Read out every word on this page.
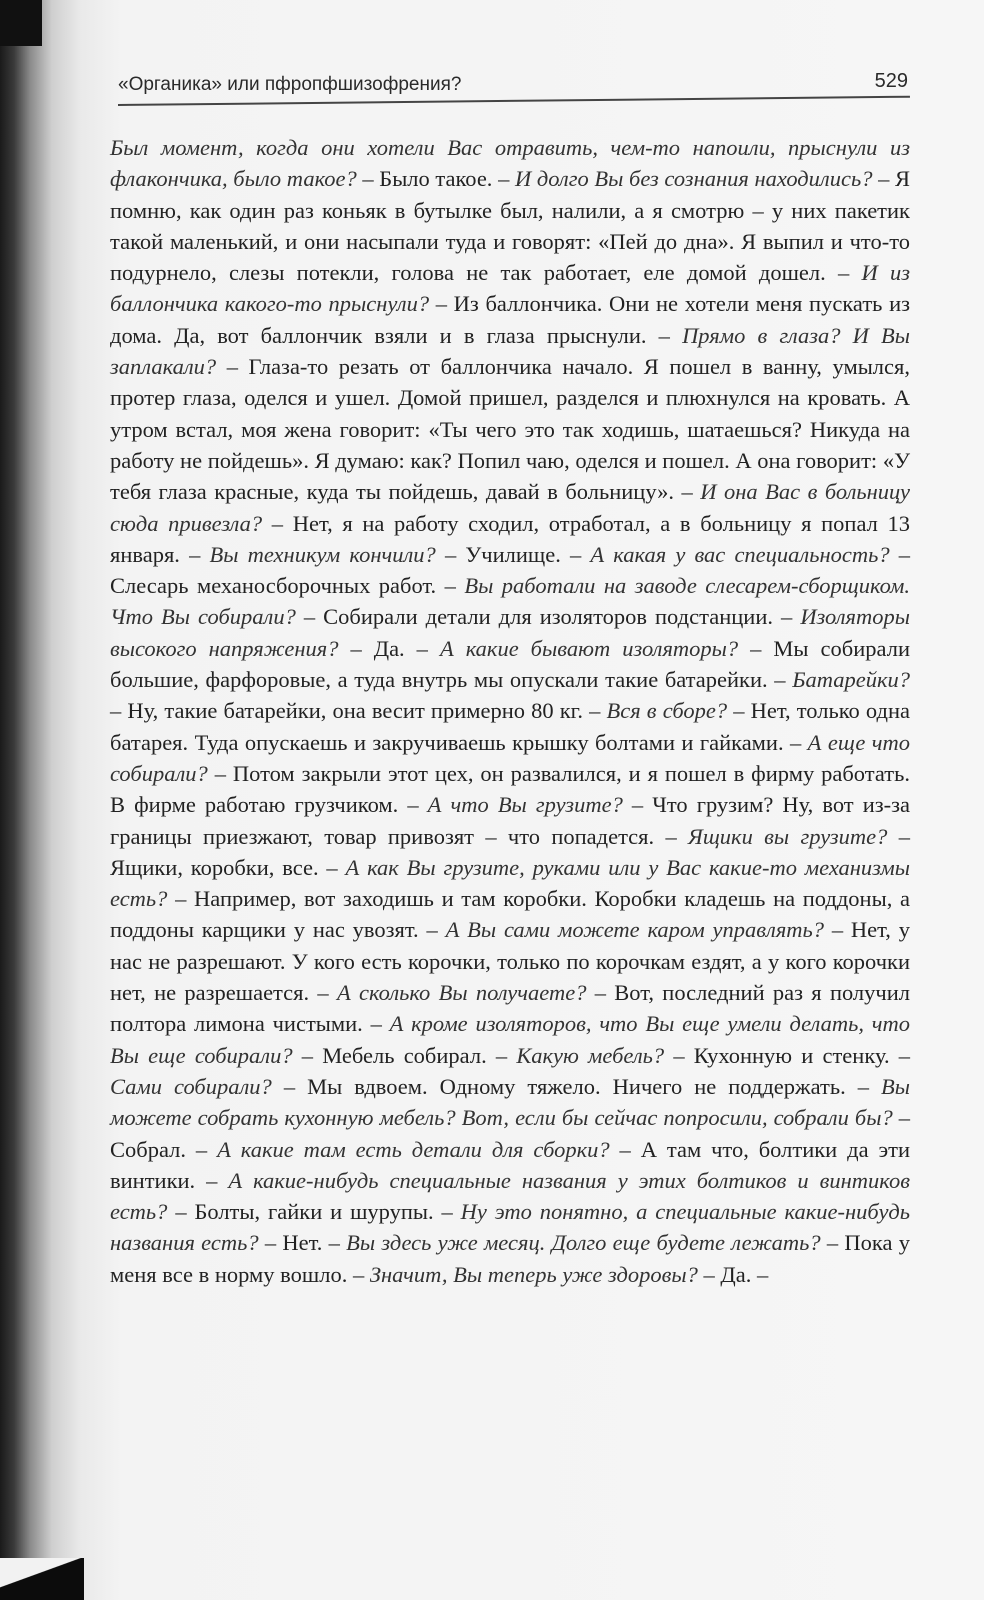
«Органика» или пфропфшизофрения?	529
Был момент, когда они хотели Вас отравить, чем-то напоили, прыснули из флакончика, было такое? – Было такое. – И долго Вы без сознания находились? – Я помню, как один раз коньяк в бутылке был, налили, а я смотрю – у них пакетик такой маленький, и они насыпали туда и говорят: «Пей до дна». Я выпил и что-то подурнело, слезы потекли, голова не так работает, еле домой дошел. – И из баллончика какого-то прыснули? – Из баллончика. Они не хотели меня пускать из дома. Да, вот баллончик взяли и в глаза прыснули. – Прямо в глаза? И Вы заплакали? – Глаза-то резать от баллончика начало. Я пошел в ванну, умылся, протер глаза, оделся и ушел. Домой пришел, разделся и плюхнулся на кровать. А утром встал, моя жена говорит: «Ты чего это так ходишь, шатаешься? Никуда на работу не пойдешь». Я думаю: как? Попил чаю, оделся и пошел. А она говорит: «У тебя глаза красные, куда ты пойдешь, давай в больницу». – И она Вас в больницу сюда привезла? – Нет, я на работу сходил, отработал, а в больницу я попал 13 января. – Вы техникум кончили? – Училище. – А какая у вас специальность? – Слесарь механосборочных работ. – Вы работали на заводе слесарем-сборщиком. Что Вы собирали? – Собирали детали для изоляторов подстанции. – Изоляторы высокого напряжения? – Да. – А какие бывают изоляторы? – Мы собирали большие, фарфоровые, а туда внутрь мы опускали такие батарейки. – Батарейки? – Ну, такие батарейки, она весит примерно 80 кг. – Вся в сборе? – Нет, только одна батарея. Туда опускаешь и закручиваешь крышку болтами и гайками. – А еще что собирали? – Потом закрыли этот цех, он развалился, и я пошел в фирму работать. В фирме работаю грузчиком. – А что Вы грузите? – Что грузим? Ну, вот из-за границы приезжают, товар привозят – что попадется. – Ящики вы грузите? – Ящики, коробки, все. – А как Вы грузите, руками или у Вас какие-то механизмы есть? – Например, вот заходишь и там коробки. Коробки кладешь на поддоны, а поддоны карщики у нас увозят. – А Вы сами можете каром управлять? – Нет, у нас не разрешают. У кого есть корочки, только по корочкам ездят, а у кого корочки нет, не разрешается. – А сколько Вы получаете? – Вот, последний раз я получил полтора лимона чистыми. – А кроме изоляторов, что Вы еще умели делать, что Вы еще собирали? – Мебель собирал. – Какую мебель? – Кухонную и стенку. – Сами собирали? – Мы вдвоем. Одному тяжело. Ничего не поддержать. – Вы можете собрать кухонную мебель? Вот, если бы сейчас попросили, собрали бы? – Собрал. – А какие там есть детали для сборки? – А там что, болтики да эти винтики. – А какие-нибудь специальные названия у этих болтиков и винтиков есть? – Болты, гайки и шурупы. – Ну это понятно, а специальные какие-нибудь названия есть? – Нет. – Вы здесь уже месяц. Долго еще будете лежать? – Пока у меня все в норму вошло. – Значит, Вы теперь уже здоровы? – Да. –
